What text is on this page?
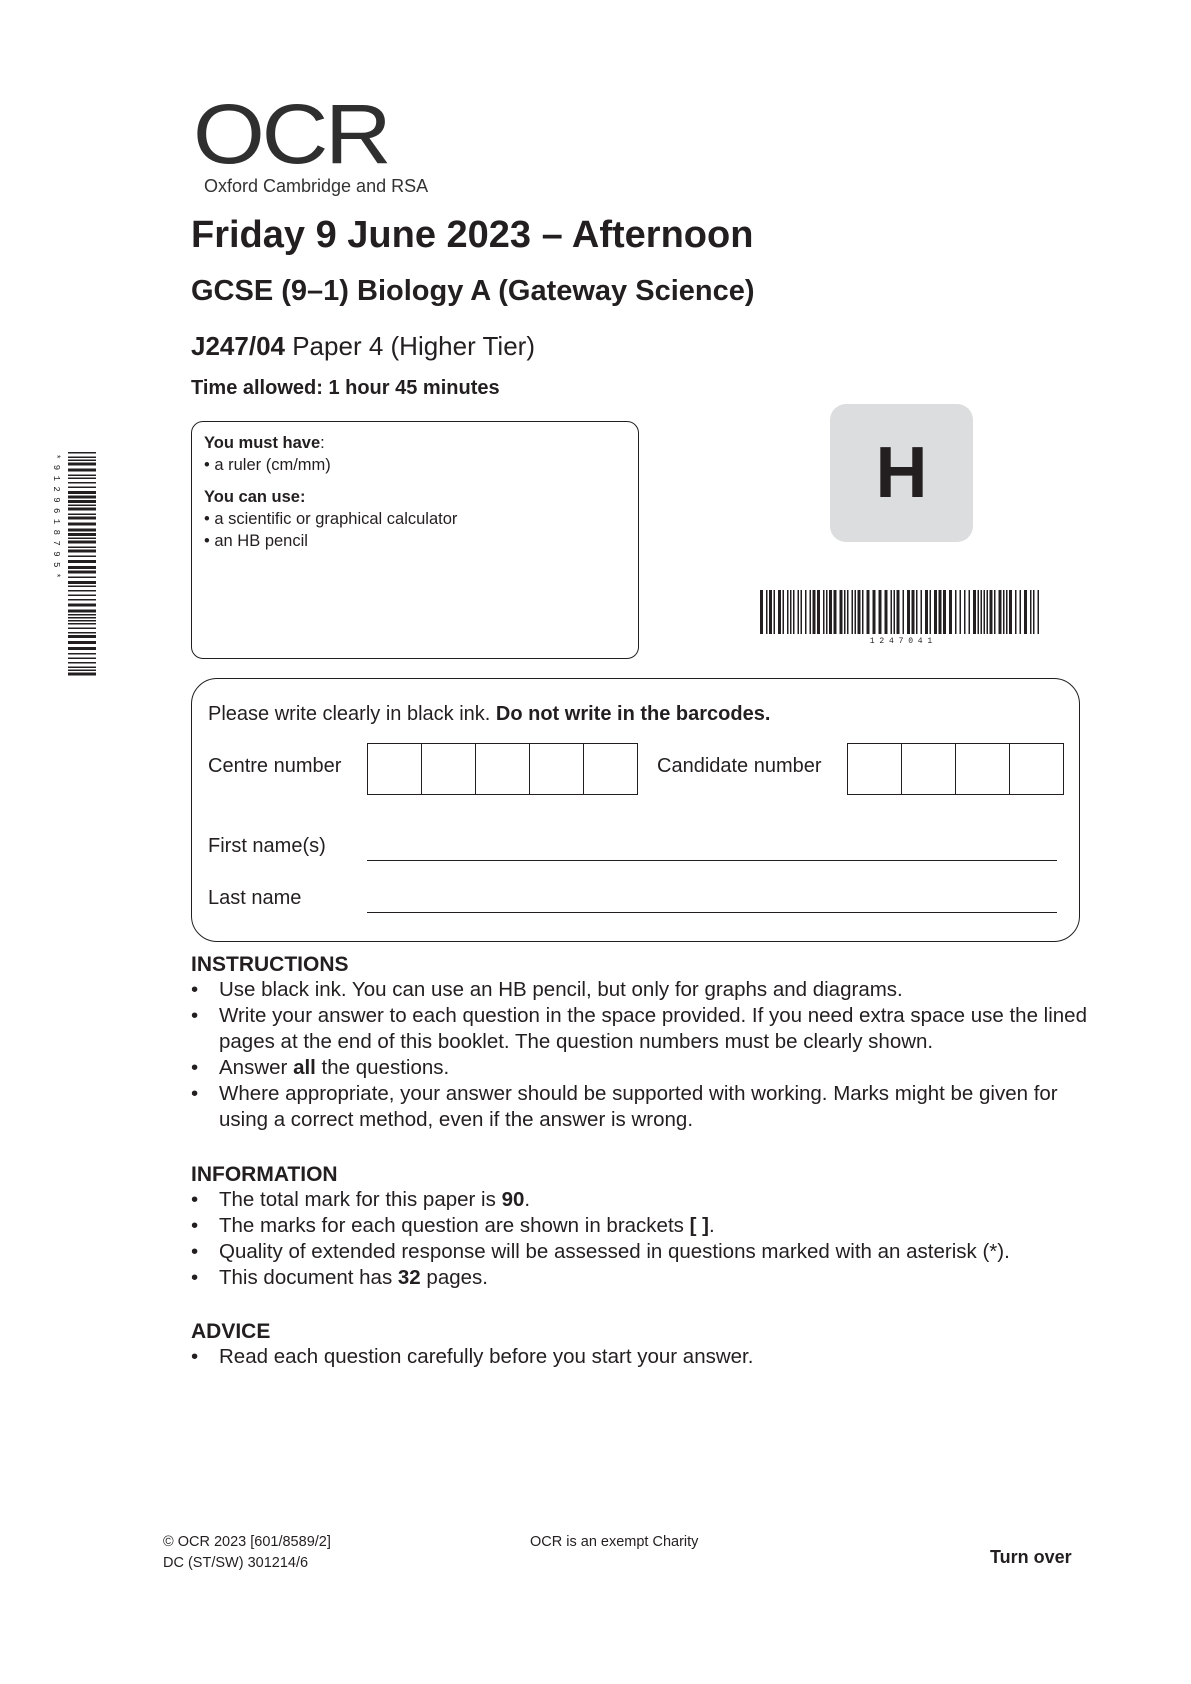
OCR
Oxford Cambridge and RSA
Friday 9 June 2023 – Afternoon
GCSE (9–1) Biology A (Gateway Science)
J247/04 Paper 4 (Higher Tier)
Time allowed: 1 hour 45 minutes
You must have:
• a ruler (cm/mm)
You can use:
• a scientific or graphical calculator
• an HB pencil
H
1 2 4 7 0 4 1
* 9 1 2 9 6 1 8 7 9 5 *
Please write clearly in black ink. Do not write in the barcodes.
Centre number	Candidate number
First name(s)
Last name
INSTRUCTIONS
• Use black ink. You can use an HB pencil, but only for graphs and diagrams.
• Write your answer to each question in the space provided. If you need extra space use the lined pages at the end of this booklet. The question numbers must be clearly shown.
• Answer all the questions.
• Where appropriate, your answer should be supported with working. Marks might be given for using a correct method, even if the answer is wrong.
INFORMATION
• The total mark for this paper is 90.
• The marks for each question are shown in brackets [ ].
• Quality of extended response will be assessed in questions marked with an asterisk (*).
• This document has 32 pages.
ADVICE
• Read each question carefully before you start your answer.
© OCR 2023 [601/8589/2]
DC (ST/SW) 301214/6
OCR is an exempt Charity
Turn over
